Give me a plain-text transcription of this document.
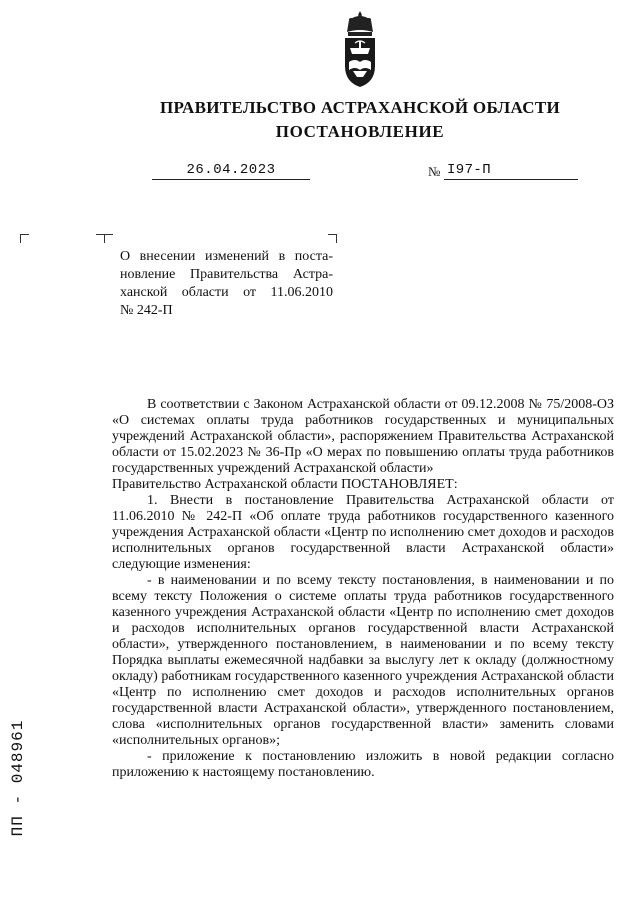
ПРАВИТЕЛЬСТВО АСТРАХАНСКОЙ ОБЛАСТИ
ПОСТАНОВЛЕНИЕ
26.04.2023	№ I97-П
О внесении изменений в поста-
новление Правительства Астра-
ханской области от 11.06.2010
№ 242-П

В соответствии с Законом Астраханской области от 09.12.2008 № 75/2008-ОЗ «О системах оплаты труда работников государственных и муниципальных учреждений Астраханской области», распоряжением Правительства Астраханской области от 15.02.2023 № 36-Пр «О мерах по повышению оплаты труда работников государственных учреждений Астраханской области»

Правительство Астраханской области ПОСТАНОВЛЯЕТ:

1. Внести в постановление Правительства Астраханской области от 11.06.2010 № 242-П «Об оплате труда работников государственного казенного учреждения Астраханской области «Центр по исполнению смет доходов и расходов исполнительных органов государственной власти Астраханской области» следующие изменения:

- в наименовании и по всему тексту постановления, в наименовании и по всему тексту Положения о системе оплаты труда работников государственного казенного учреждения Астраханской области «Центр по исполнению смет доходов и расходов исполнительных органов государственной власти Астраханской области», утвержденного постановлением, в наименовании и по всему тексту Порядка выплаты ежемесячной надбавки за выслугу лет к окладу (должностному окладу) работникам государственного казенного учреждения Астраханской области «Центр по исполнению смет доходов и расходов исполнительных органов государственной власти Астраханской области», утвержденного постановлением, слова «исполнительных органов государственной власти» заменить словами «исполнительных органов»;

- приложение к постановлению изложить в новой редакции согласно приложению к настоящему постановлению.

ПП - 048961
